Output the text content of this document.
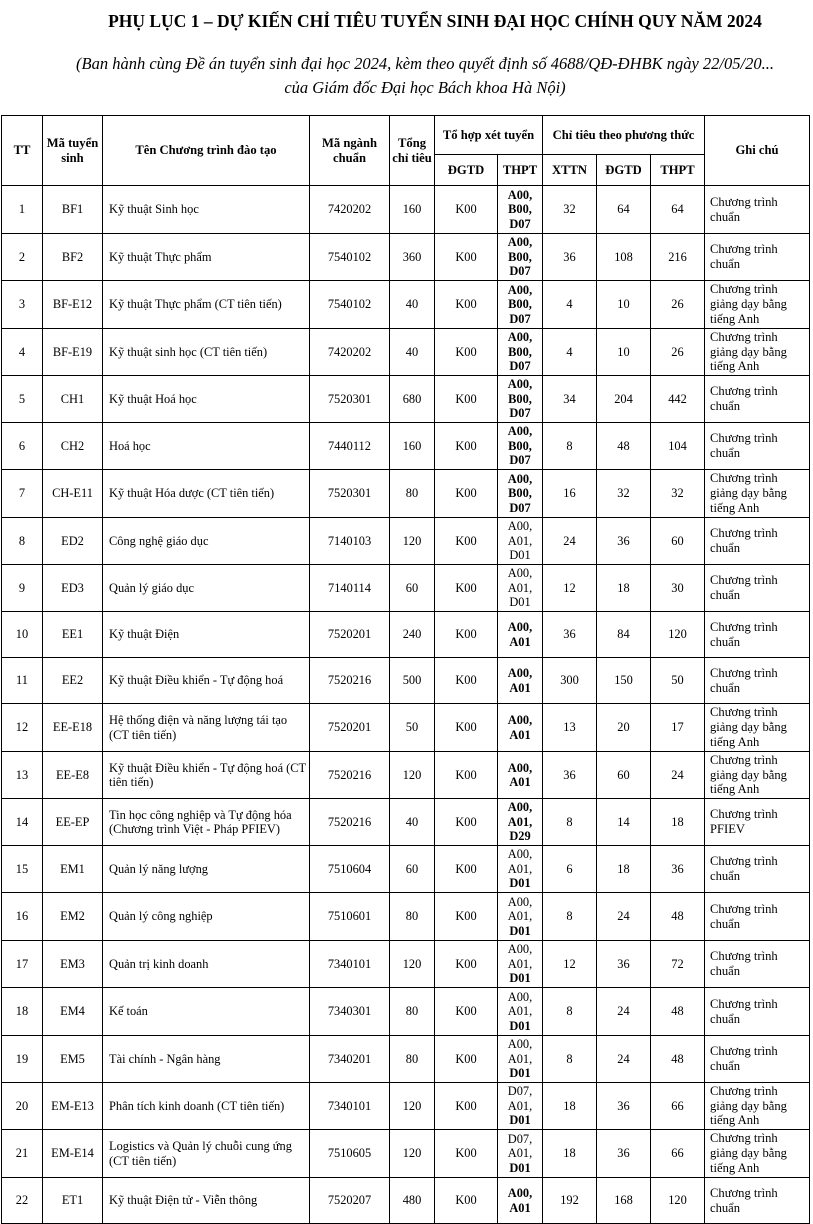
PHỤ LỤC 1 – DỰ KIẾN CHỈ TIÊU TUYỂN SINH ĐẠI HỌC CHÍNH QUY NĂM 2024
(Ban hành cùng Đề án tuyển sinh đại học 2024, kèm theo quyết định số 4688/QĐ-ĐHBK ngày 22/05/20...
của Giám đốc Đại học Bách khoa Hà Nội)
TT	Mã tuyển sinh	Tên Chương trình đào tạo	Mã ngành chuẩn	Tổng chỉ tiêu	Tổ hợp xét tuyển		Chỉ tiêu theo phương thức			Ghi chú
					ĐGTD	THPT	XTTN	ĐGTD	THPT	
1	BF1	Kỹ thuật Sinh học	7420202	160	K00	A00,
B00,
D07	32	64	64	Chương trình chuẩn
2	BF2	Kỹ thuật Thực phẩm	7540102	360	K00	A00,
B00,
D07	36	108	216	Chương trình chuẩn
3	BF-E12	Kỹ thuật Thực phẩm (CT tiên tiến)	7540102	40	K00	A00,
B00,
D07	4	10	26	Chương trình giảng dạy bằng tiếng Anh
4	BF-E19	Kỹ thuật sinh học (CT tiên tiến)	7420202	40	K00	A00,
B00,
D07	4	10	26	Chương trình giảng dạy bằng tiếng Anh
5	CH1	Kỹ thuật Hoá học	7520301	680	K00	A00,
B00,
D07	34	204	442	Chương trình chuẩn
6	CH2	Hoá học	7440112	160	K00	A00,
B00,
D07	8	48	104	Chương trình chuẩn
7	CH-E11	Kỹ thuật Hóa dược (CT tiên tiến)	7520301	80	K00	A00,
B00,
D07	16	32	32	Chương trình giảng dạy bằng tiếng Anh
8	ED2	Công nghệ giáo dục	7140103	120	K00	A00,
A01,
D01	24	36	60	Chương trình chuẩn
9	ED3	Quản lý giáo dục	7140114	60	K00	A00,
A01,
D01	12	18	30	Chương trình chuẩn
10	EE1	Kỹ thuật Điện	7520201	240	K00	A00,
A01	36	84	120	Chương trình chuẩn
11	EE2	Kỹ thuật Điều khiển - Tự động hoá	7520216	500	K00	A00,
A01	300	150	50	Chương trình chuẩn
12	EE-E18	Hệ thống điện và năng lượng tái tạo (CT tiên tiến)	7520201	50	K00	A00,
A01	13	20	17	Chương trình giảng dạy bằng tiếng Anh
13	EE-E8	Kỹ thuật Điều khiển - Tự động hoá (CT tiên tiến)	7520216	120	K00	A00,
A01	36	60	24	Chương trình giảng dạy bằng tiếng Anh
14	EE-EP	Tin học công nghiệp và Tự động hóa (Chương trình Việt - Pháp PFIEV)	7520216	40	K00	A00,
A01,
D29	8	14	18	Chương trình PFIEV
15	EM1	Quản lý năng lượng	7510604	60	K00	A00,
A01,
D01	6	18	36	Chương trình chuẩn
16	EM2	Quản lý công nghiệp	7510601	80	K00	A00,
A01,
D01	8	24	48	Chương trình chuẩn
17	EM3	Quản trị kinh doanh	7340101	120	K00	A00,
A01,
D01	12	36	72	Chương trình chuẩn
18	EM4	Kế toán	7340301	80	K00	A00,
A01,
D01	8	24	48	Chương trình chuẩn
19	EM5	Tài chính - Ngân hàng	7340201	80	K00	A00,
A01,
D01	8	24	48	Chương trình chuẩn
20	EM-E13	Phân tích kinh doanh (CT tiên tiến)	7340101	120	K00	D07,
A01,
D01	18	36	66	Chương trình giảng dạy bằng tiếng Anh
21	EM-E14	Logistics và Quản lý chuỗi cung ứng (CT tiên tiến)	7510605	120	K00	D07,
A01,
D01	18	36	66	Chương trình giảng dạy bằng tiếng Anh
22	ET1	Kỹ thuật Điện tử - Viễn thông	7520207	480	K00	A00,
A01	192	168	120	Chương trình chuẩn
